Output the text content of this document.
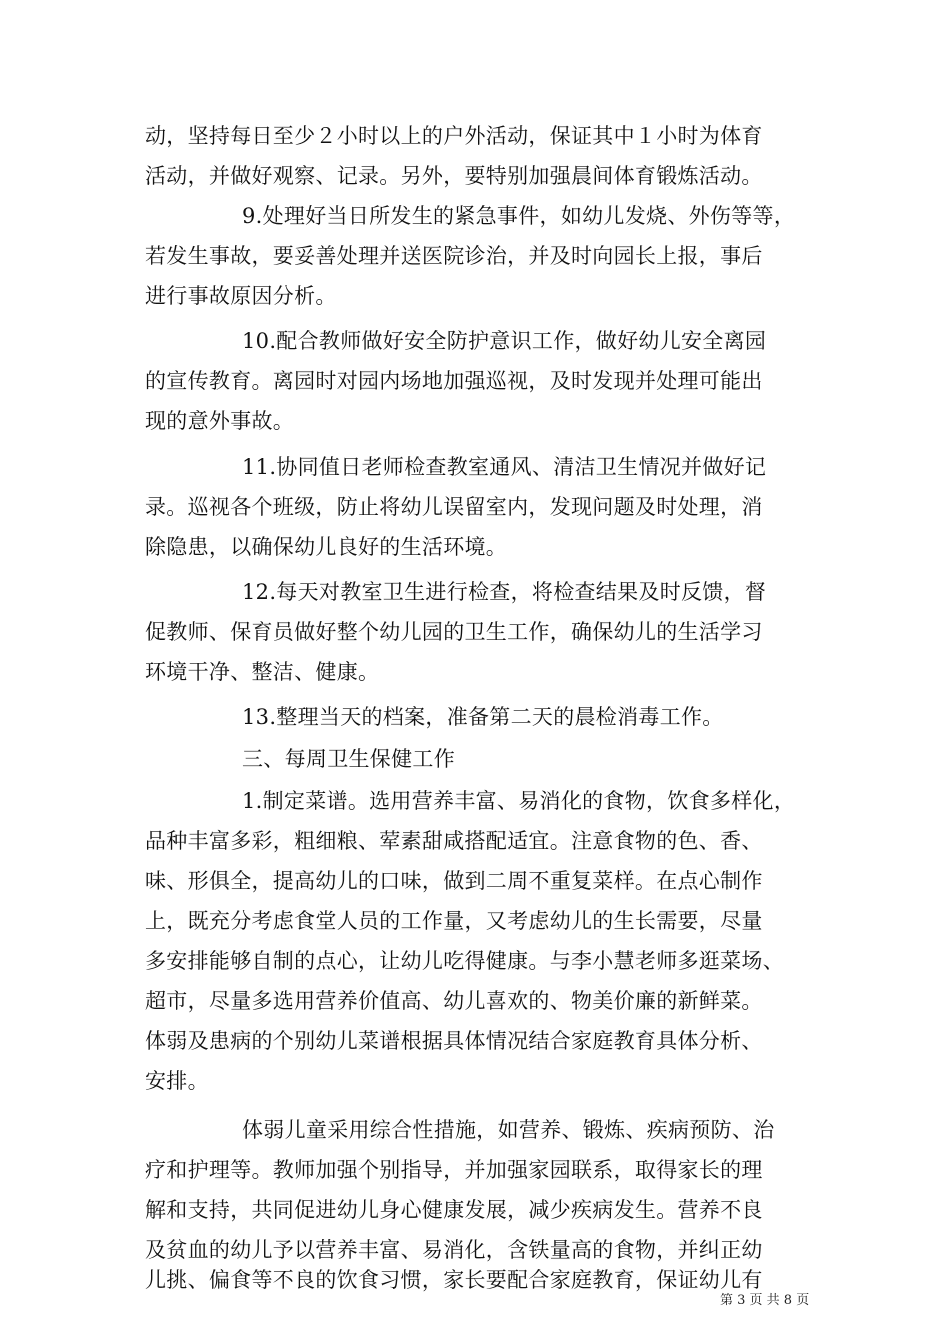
动，坚持每日至少２小时以上的户外活动，保证其中１小时为体育
活动，并做好观察、记录。另外，要特别加强晨间体育锻炼活动。
9.处理好当日所发生的紧急事件，如幼儿发烧、外伤等等，
若发生事故，要妥善处理并送医院诊治，并及时向园长上报，事后
进行事故原因分析。
10.配合教师做好安全防护意识工作，做好幼儿安全离园
的宣传教育。离园时对园内场地加强巡视，及时发现并处理可能出
现的意外事故。
11.协同值日老师检查教室通风、清洁卫生情况并做好记
录。巡视各个班级，防止将幼儿误留室内，发现问题及时处理，消
除隐患，以确保幼儿良好的生活环境。
12.每天对教室卫生进行检查，将检查结果及时反馈，督
促教师、保育员做好整个幼儿园的卫生工作，确保幼儿的生活学习
环境干净、整洁、健康。
13.整理当天的档案，准备第二天的晨检消毒工作。
三、每周卫生保健工作
1.制定菜谱。选用营养丰富、易消化的食物，饮食多样化，
品种丰富多彩，粗细粮、荤素甜咸搭配适宜。注意食物的色、香、
味、形俱全，提高幼儿的口味，做到二周不重复菜样。在点心制作
上，既充分考虑食堂人员的工作量，又考虑幼儿的生长需要，尽量
多安排能够自制的点心，让幼儿吃得健康。与李小慧老师多逛菜场、
超市，尽量多选用营养价值高、幼儿喜欢的、物美价廉的新鲜菜。
体弱及患病的个别幼儿菜谱根据具体情况结合家庭教育具体分析、
安排。
体弱儿童采用综合性措施，如营养、锻炼、疾病预防、治
疗和护理等。教师加强个别指导，并加强家园联系，取得家长的理
解和支持，共同促进幼儿身心健康发展，减少疾病发生。营养不良
及贫血的幼儿予以营养丰富、易消化，含铁量高的食物，并纠正幼
儿挑、偏食等不良的饮食习惯，家长要配合家庭教育，保证幼儿有
第 3 页 共 8 页
